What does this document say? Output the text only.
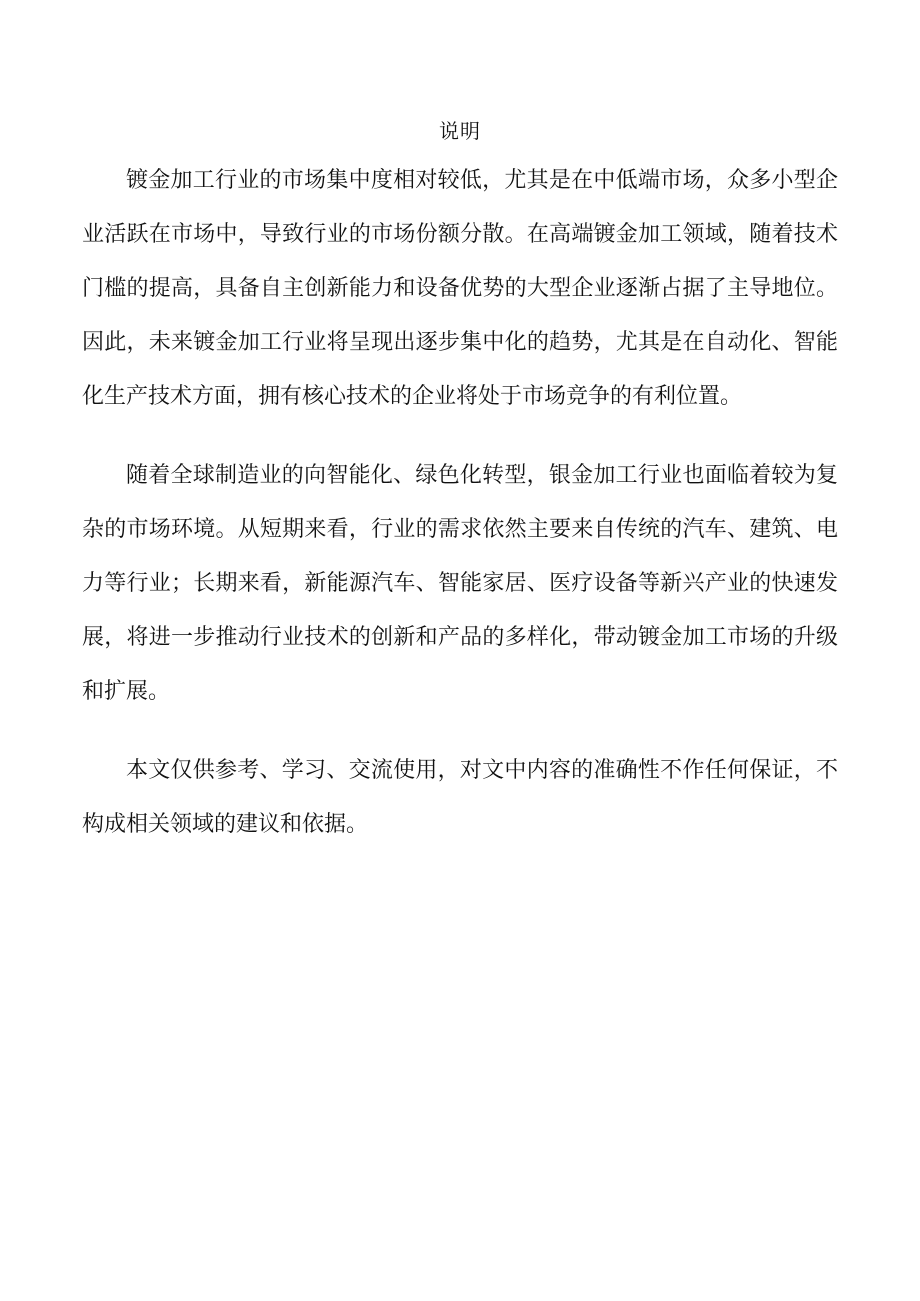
说明

镀金加工行业的市场集中度相对较低，尤其是在中低端市场，众多小型企业活跃在市场中，导致行业的市场份额分散。在高端镀金加工领域，随着技术门槛的提高，具备自主创新能力和设备优势的大型企业逐渐占据了主导地位。因此，未来镀金加工行业将呈现出逐步集中化的趋势，尤其是在自动化、智能化生产技术方面，拥有核心技术的企业将处于市场竞争的有利位置。

随着全球制造业的向智能化、绿色化转型，银金加工行业也面临着较为复杂的市场环境。从短期来看，行业的需求依然主要来自传统的汽车、建筑、电力等行业；长期来看，新能源汽车、智能家居、医疗设备等新兴产业的快速发展，将进一步推动行业技术的创新和产品的多样化，带动镀金加工市场的升级和扩展。

本文仅供参考、学习、交流使用，对文中内容的准确性不作任何保证，不构成相关领域的建议和依据。
